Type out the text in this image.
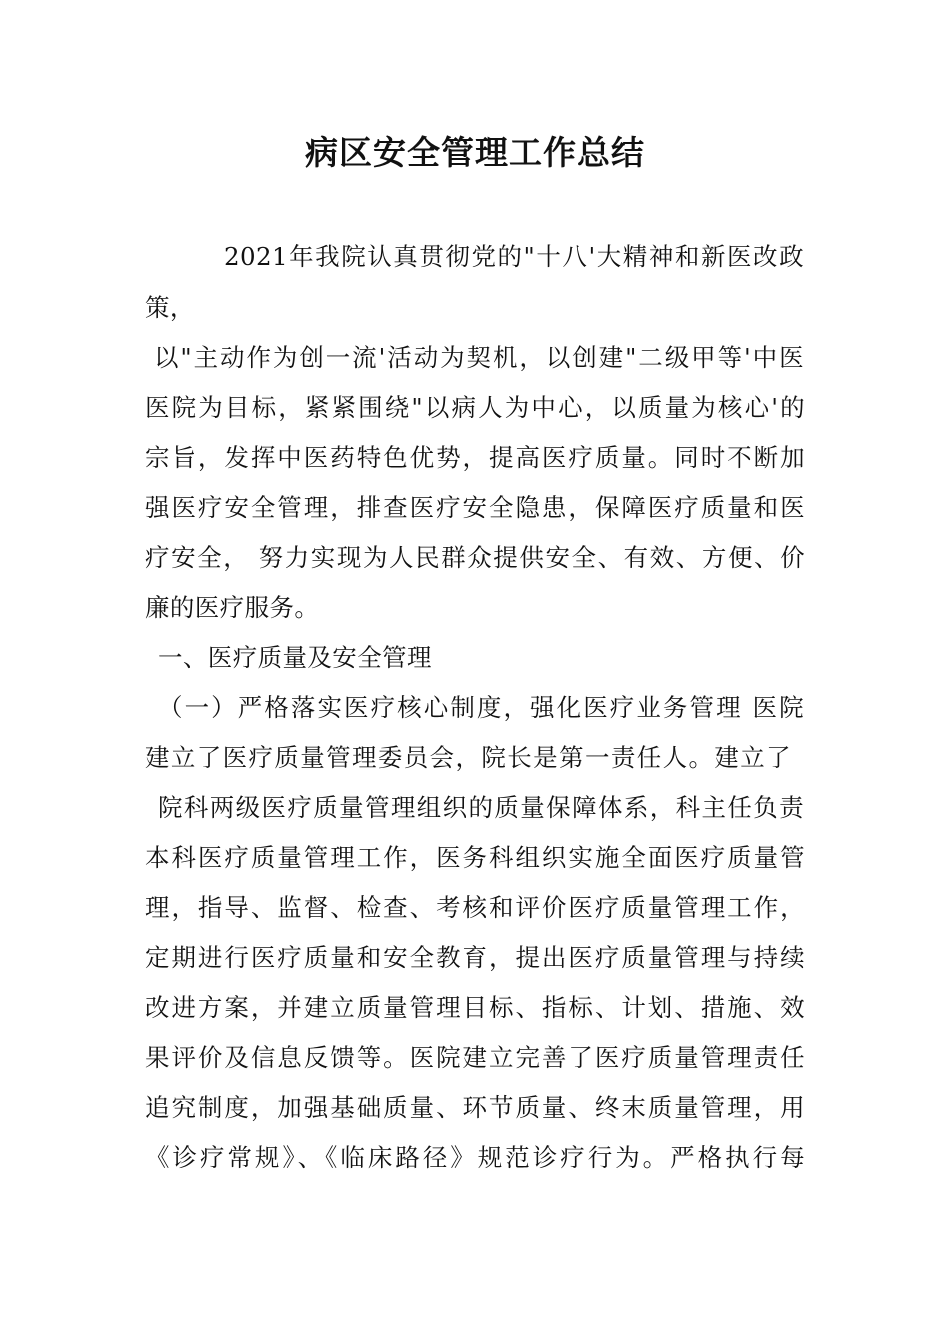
病区安全管理工作总结
2021年我院认真贯彻党的"十八'大精神和新医改政
策，
以"主动作为创一流'活动为契机，以创建"二级甲等'中医
医院为目标，紧紧围绕"以病人为中心，以质量为核心'的
宗旨，发挥中医药特色优势，提高医疗质量。同时不断加
强医疗安全管理，排查医疗安全隐患，保障医疗质量和医
疗安全， 努力实现为人民群众提供安全、有效、方便、价
廉的医疗服务。
一、医疗质量及安全管理
（一）严格落实医疗核心制度，强化医疗业务管理 医院
建立了医疗质量管理委员会，院长是第一责任人。建立了
院科两级医疗质量管理组织的质量保障体系，科主任负责
本科医疗质量管理工作，医务科组织实施全面医疗质量管
理，指导、监督、检查、考核和评价医疗质量管理工作，
定期进行医疗质量和安全教育，提出医疗质量管理与持续
改进方案，并建立质量管理目标、指标、计划、措施、效
果评价及信息反馈等。医院建立完善了医疗质量管理责任
追究制度，加强基础质量、环节质量、终末质量管理，用
《诊疗常规》、《临床路径》规范诊疗行为。严格执行每
